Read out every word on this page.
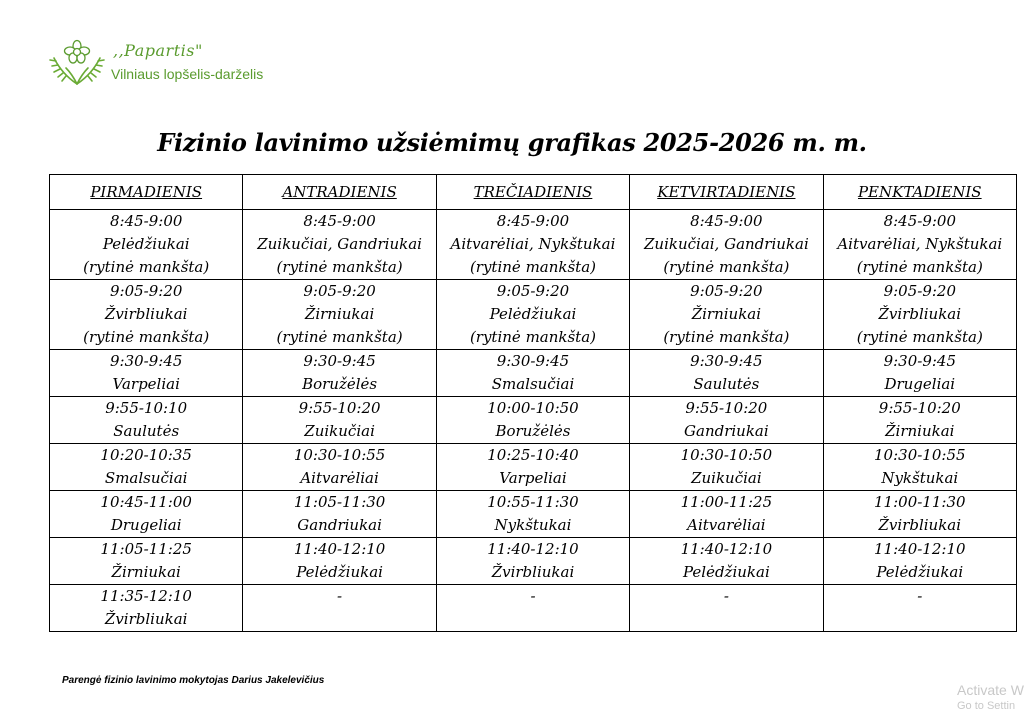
,,Papartis"
Vilniaus lopšelis-darželis
Fizinio lavinimo užsiėmimų grafikas 2025-2026 m. m.
PIRMADIENIS	ANTRADIENIS	TREČIADIENIS	KETVIRTADIENIS	PENKTADIENIS

8:45-9:00
Pelėdžiukai
(rytinė mankšta)	8:45-9:00
Zuikučiai, Gandriukai
(rytinė mankšta)	8:45-9:00
Aitvarėliai, Nykštukai
(rytinė mankšta)	8:45-9:00
Zuikučiai, Gandriukai
(rytinė mankšta)	8:45-9:00
Aitvarėliai, Nykštukai
(rytinė mankšta)

9:05-9:20
Žvirbliukai
(rytinė mankšta)	9:05-9:20
Žirniukai
(rytinė mankšta)	9:05-9:20
Pelėdžiukai
(rytinė mankšta)	9:05-9:20
Žirniukai
(rytinė mankšta)	9:05-9:20
Žvirbliukai
(rytinė mankšta)

9:30-9:45
Varpeliai	9:30-9:45
Boružėlės	9:30-9:45
Smalsučiai	9:30-9:45
Saulutės	9:30-9:45
Drugeliai

9:55-10:10
Saulutės	9:55-10:20
Zuikučiai	10:00-10:50
Boružėlės	9:55-10:20
Gandriukai	9:55-10:20
Žirniukai

10:20-10:35
Smalsučiai	10:30-10:55
Aitvarėliai	10:25-10:40
Varpeliai	10:30-10:50
Zuikučiai	10:30-10:55
Nykštukai

10:45-11:00
Drugeliai	11:05-11:30
Gandriukai	10:55-11:30
Nykštukai	11:00-11:25
Aitvarėliai	11:00-11:30
Žvirbliukai

11:05-11:25
Žirniukai	11:40-12:10
Pelėdžiukai	11:40-12:10
Žvirbliukai	11:40-12:10
Pelėdžiukai	11:40-12:10
Pelėdžiukai

11:35-12:10
Žvirbliukai	-	-	-	-
Parengė fizinio lavinimo mokytojas Darius Jakelevičius
Activate W
Go to Settin
